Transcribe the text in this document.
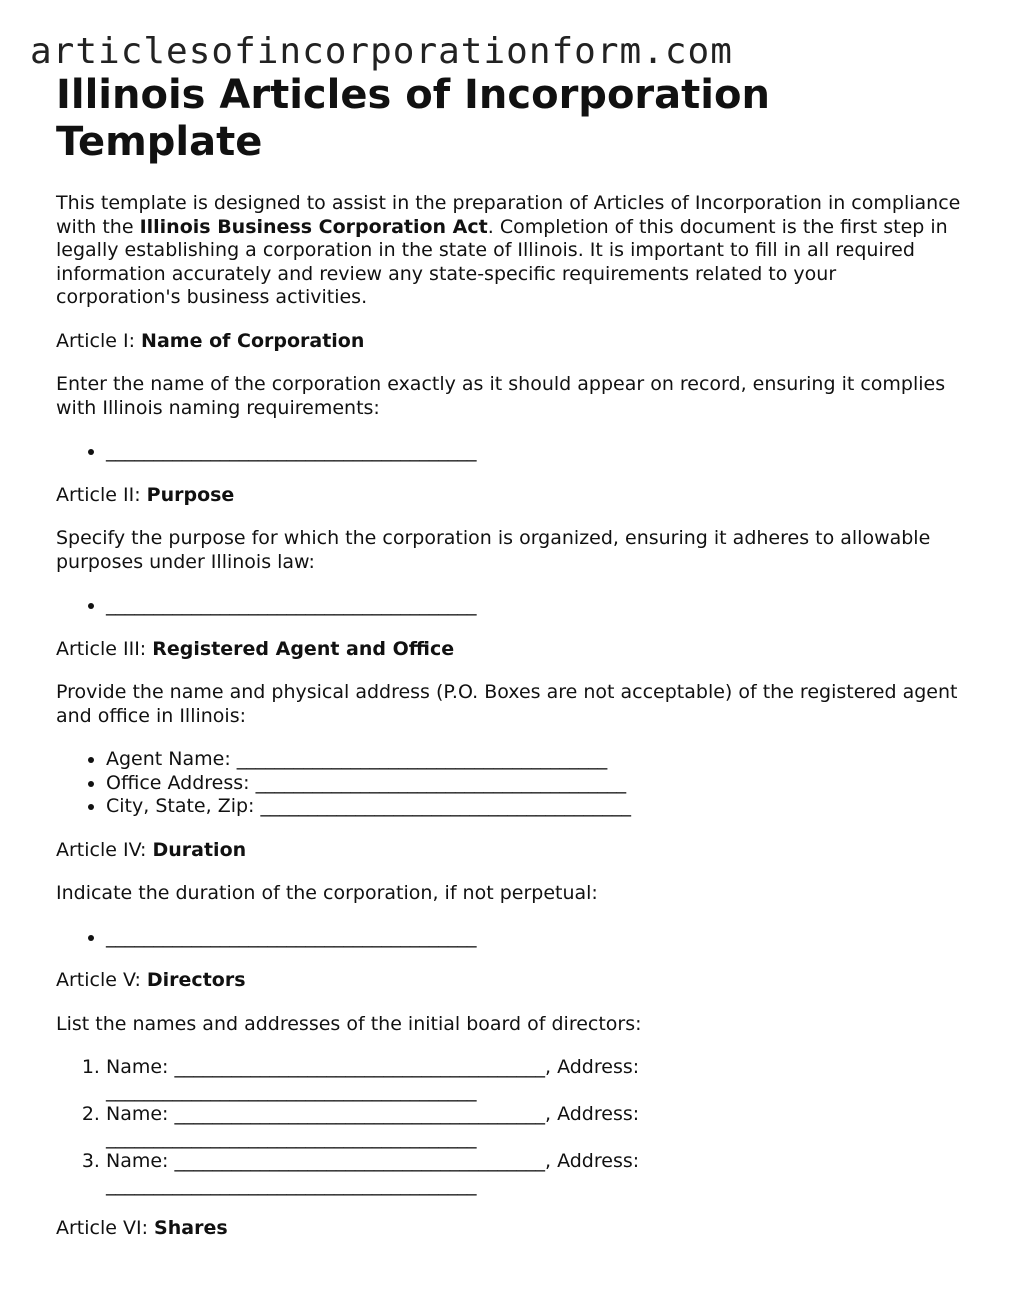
articlesofincorporationform.com
Illinois Articles of Incorporation Template

This template is designed to assist in the preparation of Articles of Incorporation in compliance with the Illinois Business Corporation Act. Completion of this document is the first step in legally establishing a corporation in the state of Illinois. It is important to fill in all required information accurately and review any state-specific requirements related to your corporation's business activities.

Article I: Name of Corporation

Enter the name of the corporation exactly as it should appear on record, ensuring it complies with Illinois naming requirements:

• _______________________________________

Article II: Purpose

Specify the purpose for which the corporation is organized, ensuring it adheres to allowable purposes under Illinois law:

• _______________________________________

Article III: Registered Agent and Office

Provide the name and physical address (P.O. Boxes are not acceptable) of the registered agent and office in Illinois:

• Agent Name: _______________________________________
• Office Address: _______________________________________
• City, State, Zip: _______________________________________

Article IV: Duration

Indicate the duration of the corporation, if not perpetual:

• _______________________________________

Article V: Directors

List the names and addresses of the initial board of directors:

1. Name: _______________________________________, Address:
_______________________________________
2. Name: _______________________________________, Address:
_______________________________________
3. Name: _______________________________________, Address:
_______________________________________

Article VI: Shares
